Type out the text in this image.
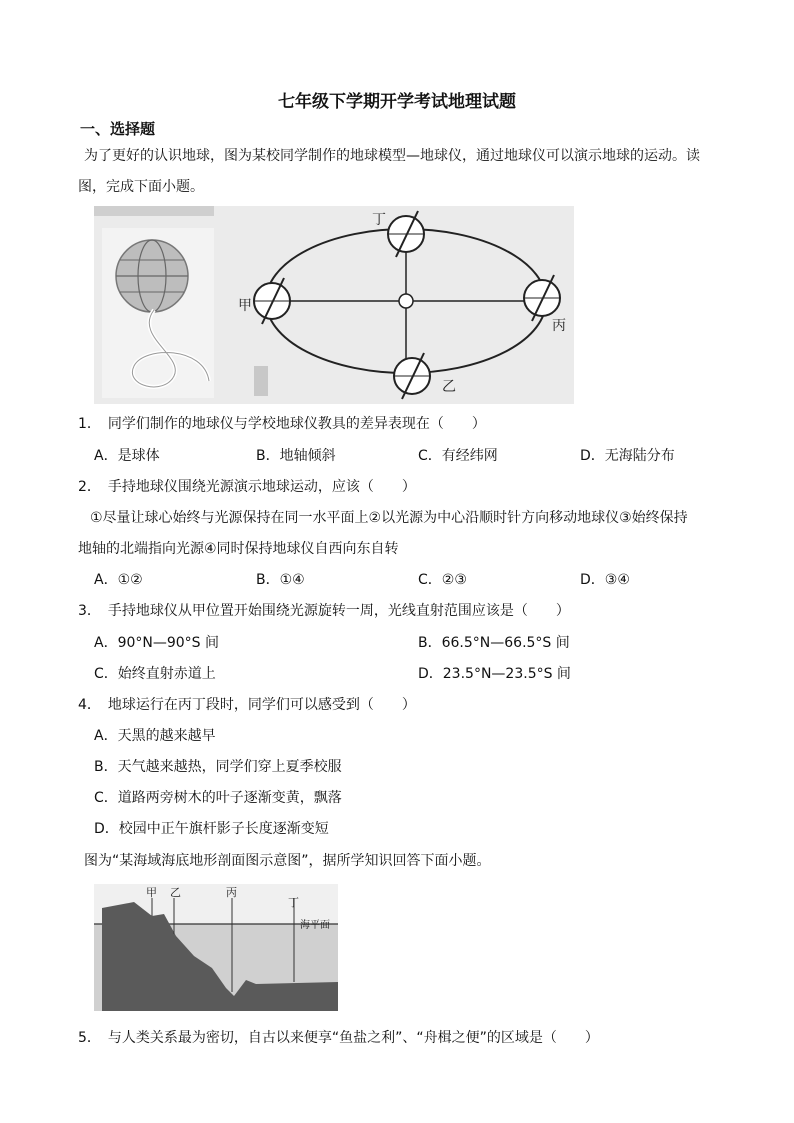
七年级下学期开学考试地理试题
一、选择题
为了更好的认识地球，图为某校同学制作的地球模型—地球仪，通过地球仪可以演示地球的运动。读
图，完成下面小题。
甲
丁
丙
乙
1．　同学们制作的地球仪与学校地球仪教具的差异表现在（　　）
A．是球体	B．地轴倾斜	C．有经纬网	D．无海陆分布
2．　手持地球仪围绕光源演示地球运动，应该（　　）
①尽量让球心始终与光源保持在同一水平面上②以光源为中心沿顺时针方向移动地球仪③始终保持
地轴的北端指向光源④同时保持地球仪自西向东自转
A．①②	B．①④	C．②③	D．③④
3．　手持地球仪从甲位置开始围绕光源旋转一周，光线直射范围应该是（　　）
A．90°N—90°S 间	B．66.5°N—66.5°S 间
C．始终直射赤道上	D．23.5°N—23.5°S 间
4．　地球运行在丙丁段时，同学们可以感受到（　　）
A．天黑的越来越早
B．天气越来越热，同学们穿上夏季校服
C．道路两旁树木的叶子逐渐变黄，飘落
D．校园中正午旗杆影子长度逐渐变短
图为“某海域海底地形剖面图示意图”，据所学知识回答下面小题。
甲 乙	丙
丁
海平面
5．　与人类关系最为密切，自古以来便享“鱼盐之利”、“舟楫之便”的区域是（　　）
